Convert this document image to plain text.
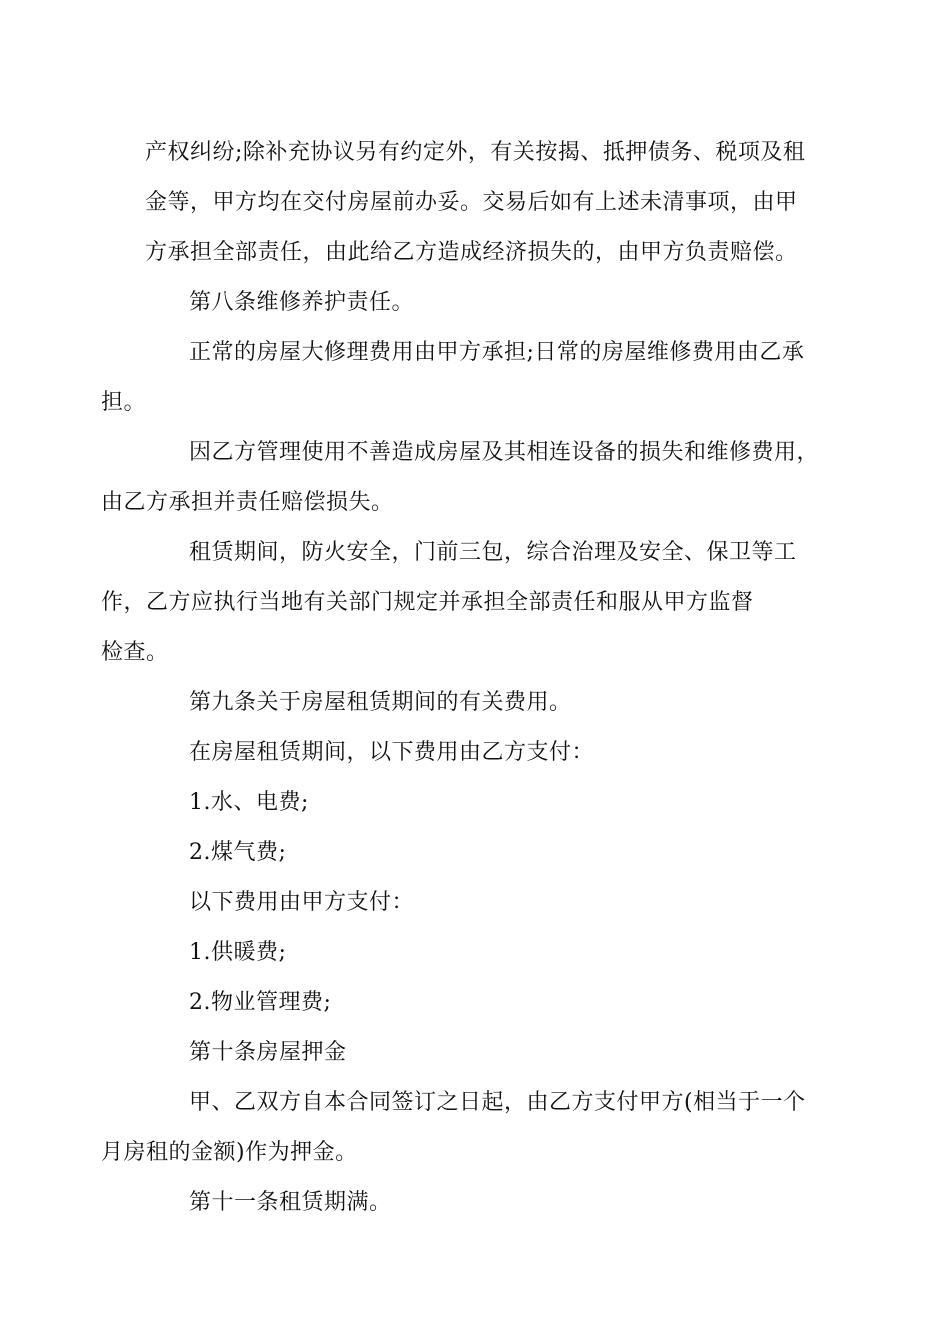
产权纠纷;除补充协议另有约定外，有关按揭、抵押债务、税项及租
金等，甲方均在交付房屋前办妥。交易后如有上述未清事项，由甲
方承担全部责任，由此给乙方造成经济损失的，由甲方负责赔偿。
第八条维修养护责任。
正常的房屋大修理费用由甲方承担;日常的房屋维修费用由乙承
担。
因乙方管理使用不善造成房屋及其相连设备的损失和维修费用，
由乙方承担并责任赔偿损失。
租赁期间，防火安全，门前三包，综合治理及安全、保卫等工
作，乙方应执行当地有关部门规定并承担全部责任和服从甲方监督
检查。
第九条关于房屋租赁期间的有关费用。
在房屋租赁期间，以下费用由乙方支付：
1.水、电费;
2.煤气费;
以下费用由甲方支付：
1.供暖费;
2.物业管理费;
第十条房屋押金
甲、乙双方自本合同签订之日起，由乙方支付甲方(相当于一个
月房租的金额)作为押金。
第十一条租赁期满。
